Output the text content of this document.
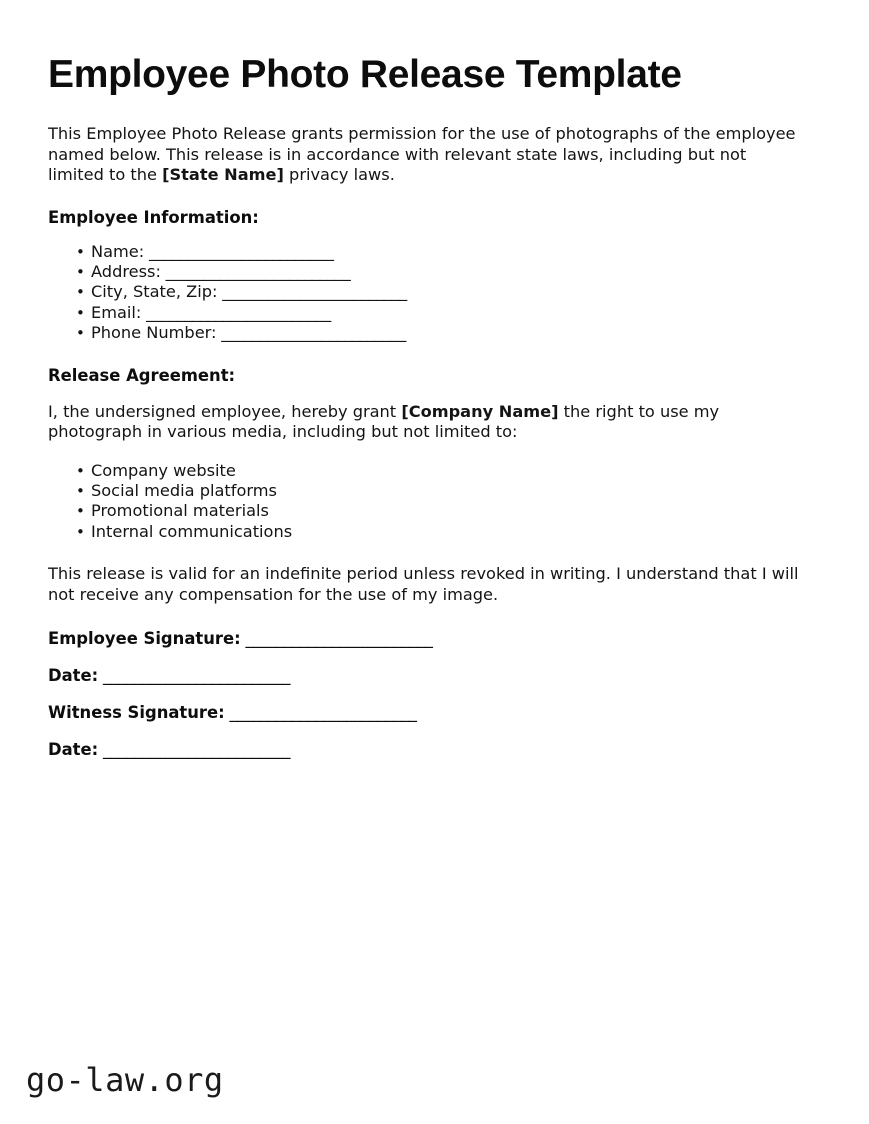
Employee Photo Release Template

This Employee Photo Release grants permission for the use of photographs of the employee named below. This release is in accordance with relevant state laws, including but not limited to the [State Name] privacy laws.

Employee Information:
• Name: ________________________
• Address: ________________________
• City, State, Zip: ________________________
• Email: ________________________
• Phone Number: ________________________
Release Agreement:

I, the undersigned employee, hereby grant [Company Name] the right to use my photograph in various media, including but not limited to:

• Company website
• Social media platforms
• Promotional materials
• Internal communications

This release is valid for an indefinite period unless revoked in writing. I understand that I will not receive any compensation for the use of my image.

Employee Signature: ________________________
Date: ________________________
Witness Signature: ________________________
Date: ________________________
go-law.org
